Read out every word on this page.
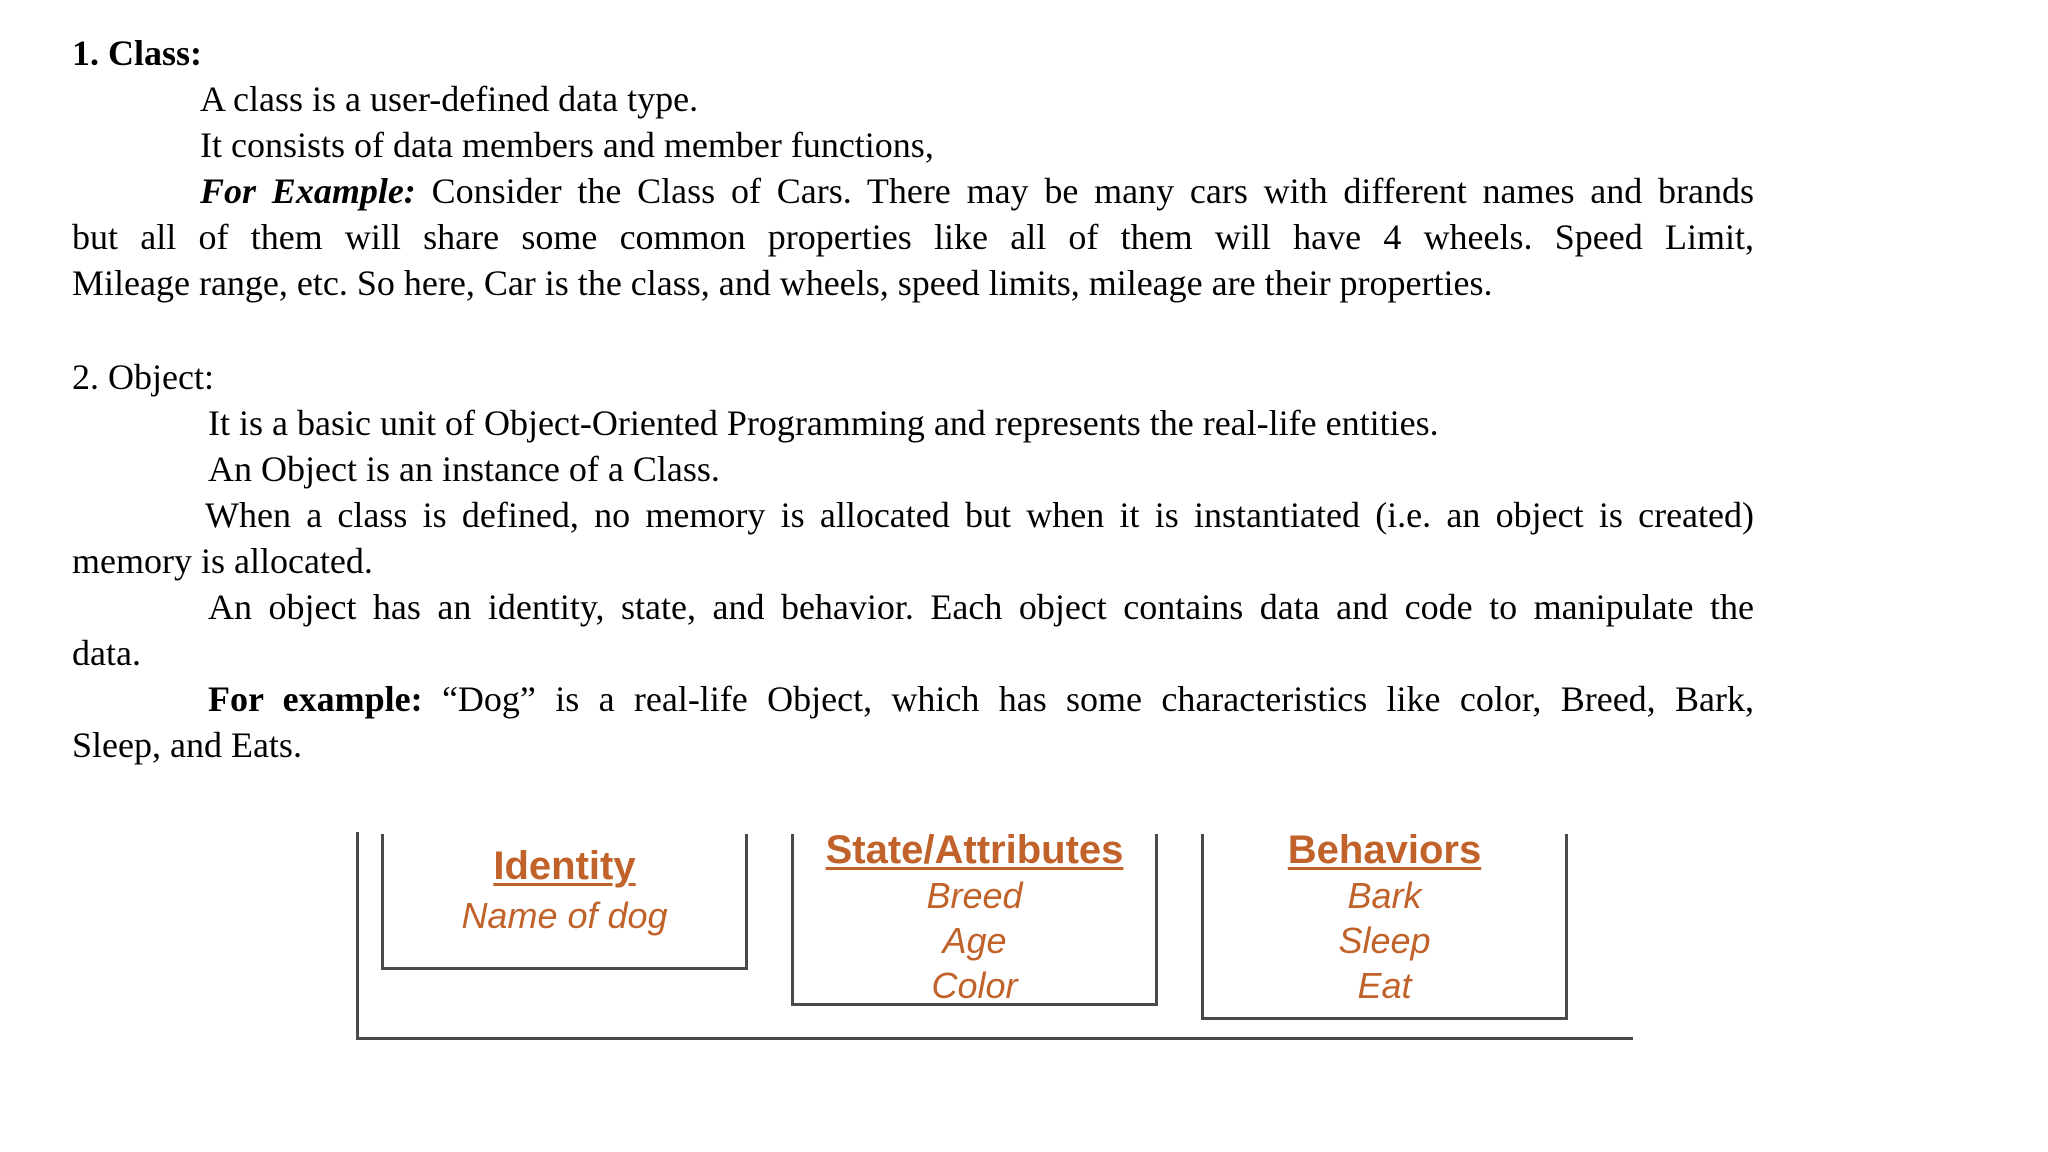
1. Class:
A class is a user-defined data type.
It consists of data members and member functions,
For Example: Consider the Class of Cars. There may be many cars with different names and brands
but all of them will share some common properties like all of them will have 4 wheels. Speed Limit,
Mileage range, etc. So here, Car is the class, and wheels, speed limits, mileage are their properties.
2. Object:
It is a basic unit of Object-Oriented Programming and represents the real-life entities.
An Object is an instance of a Class.
When a class is defined, no memory is allocated but when it is instantiated (i.e. an object is created)
memory is allocated.
An object has an identity, state, and behavior. Each object contains data and code to manipulate the
data.
For example: “Dog” is a real-life Object, which has some characteristics like color, Breed, Bark,
Sleep, and Eats.
Identity
Name of dog
State/Attributes
Breed
Age
Color
Behaviors
Bark
Sleep
Eat
